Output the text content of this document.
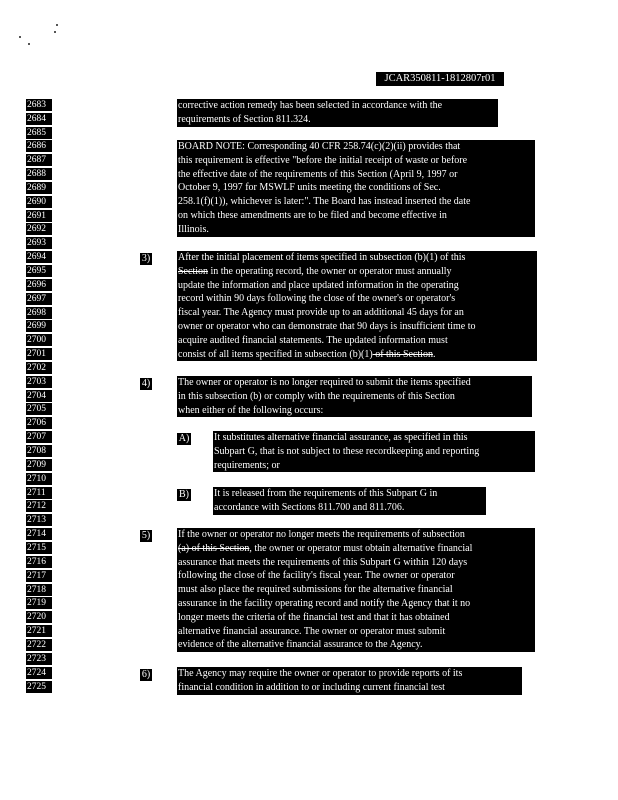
JCAR350811-1812807r01
2683
2684
2685
2686
2687
2688
2689
2690
2691
2692
2693
2694
2695
2696
2697
2698
2699
2700
2701
2702
2703
2704
2705
2706
2707
2708
2709
2710
2711
2712
2713
2714
2715
2716
2717
2718
2719
2720
2721
2722
2723
2724
2725
corrective action remedy has been selected in accordance with the
requirements of Section 811.324.
BOARD NOTE: Corresponding 40 CFR 258.74(c)(2)(ii) provides that
this requirement is effective "before the initial receipt of waste or before
the effective date of the requirements of this Section (April 9, 1997 or
October 9, 1997 for MSWLF units meeting the conditions of Sec.
258.1(f)(1)), whichever is later:". The Board has instead inserted the date
on which these amendments are to be filed and become effective in
Illinois.
3)	After the initial placement of items specified in subsection (b)(1) of this
Section in the operating record, the owner or operator must annually
update the information and place updated information in the operating
record within 90 days following the close of the owner's or operator's
fiscal year. The Agency must provide up to an additional 45 days for an
owner or operator who can demonstrate that 90 days is insufficient time to
acquire audited financial statements. The updated information must
consist of all items specified in subsection (b)(1) of this Section.
4)	The owner or operator is no longer required to submit the items specified
in this subsection (b) or comply with the requirements of this Section
when either of the following occurs:
A) It substitutes alternative financial assurance, as specified in this
Subpart G, that is not subject to these recordkeeping and reporting
requirements; or
B)	It is released from the requirements of this Subpart G in
accordance with Sections 811.700 and 811.706.
5)	If the owner or operator no longer meets the requirements of subsection
(a) of this Section, the owner or operator must obtain alternative financial
assurance that meets the requirements of this Subpart G within 120 days
following the close of the facility's fiscal year. The owner or operator
must also place the required submissions for the alternative financial
assurance in the facility operating record and notify the Agency that it no
longer meets the criteria of the financial test and that it has obtained
alternative financial assurance. The owner or operator must submit
evidence of the alternative financial assurance to the Agency.
6)	The Agency may require the owner or operator to provide reports of its
financial condition in addition to or including current financial test
